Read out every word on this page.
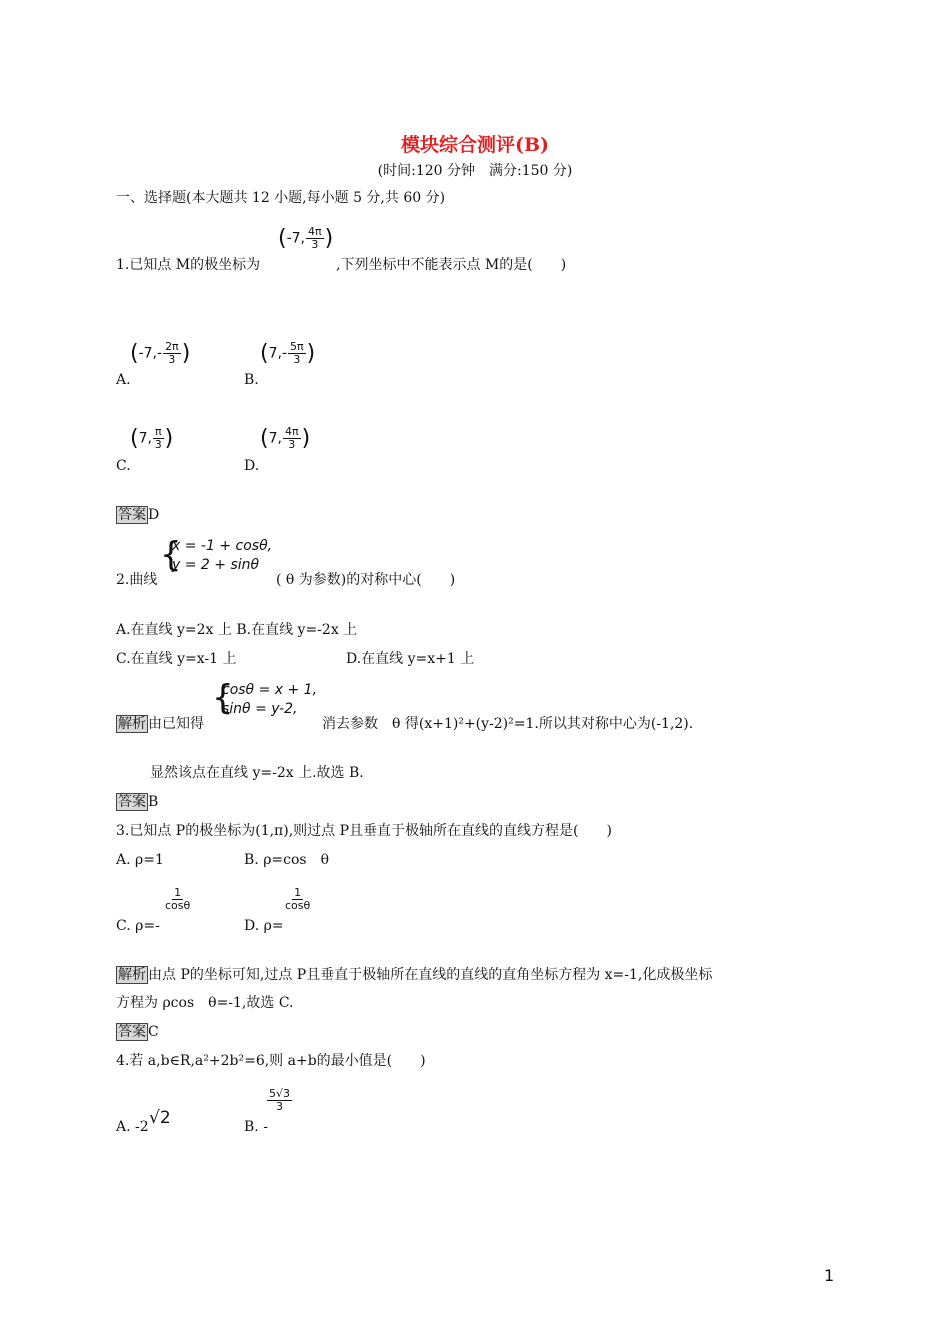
模块综合测评(B)
(时间:120 分钟　满分:150 分)
一、选择题(本大题共 12 小题,每小题 5 分,共 60 分)
1.已知点 M的极坐标为
(-7, $\frac{4\pi}{3}$ )
,下列坐标中不能表示点 M的是(　　)
($-7,- \frac{2\pi}{3}$ )
A.
($7,- \frac{5\pi}{3}$ )
B.
(7, $\frac{\pi}{3}$ )
C.
(7, $\frac{4\pi}{3}$ )
D.
答案 D
2.曲线
{
x = -1 + cosθ,
y = 2 + sinθ
( θ 为参数)的对称中心(　　)
A.在直线 y=2x 上 B.在直线 y=-2x 上
C.在直线 y=x-1 上	D.在直线 y=x+1 上
解析 由已知得
{
cosθ = x + 1,
sinθ = y-2,
消去参数　θ 得(x+1)²+(y-2)²=1.所以其对称中心为(-1,2).
显然该点在直线 y=-2x 上.故选 B.
答案 B
3.已知点 P的极坐标为(1,π),则过点 P且垂直于极轴所在直线的直线方程是(　　)
A. ρ=1	B. ρ=cos　θ
C. ρ=-
$\frac{1}{\cos\theta}$
D. ρ=
$\frac{1}{\cos\theta}$
解析 由点 P的坐标可知,过点 P且垂直于极轴所在直线的直线的直角坐标方程为 x=-1,化成极坐标
方程为 ρcos　θ=-1,故选 C.
答案 C
4.若 a,b∈R,a²+2b²=6,则 a+b的最小值是(　　)
A. -2 √2	B. -
$\frac{5√3}{3}$
1
